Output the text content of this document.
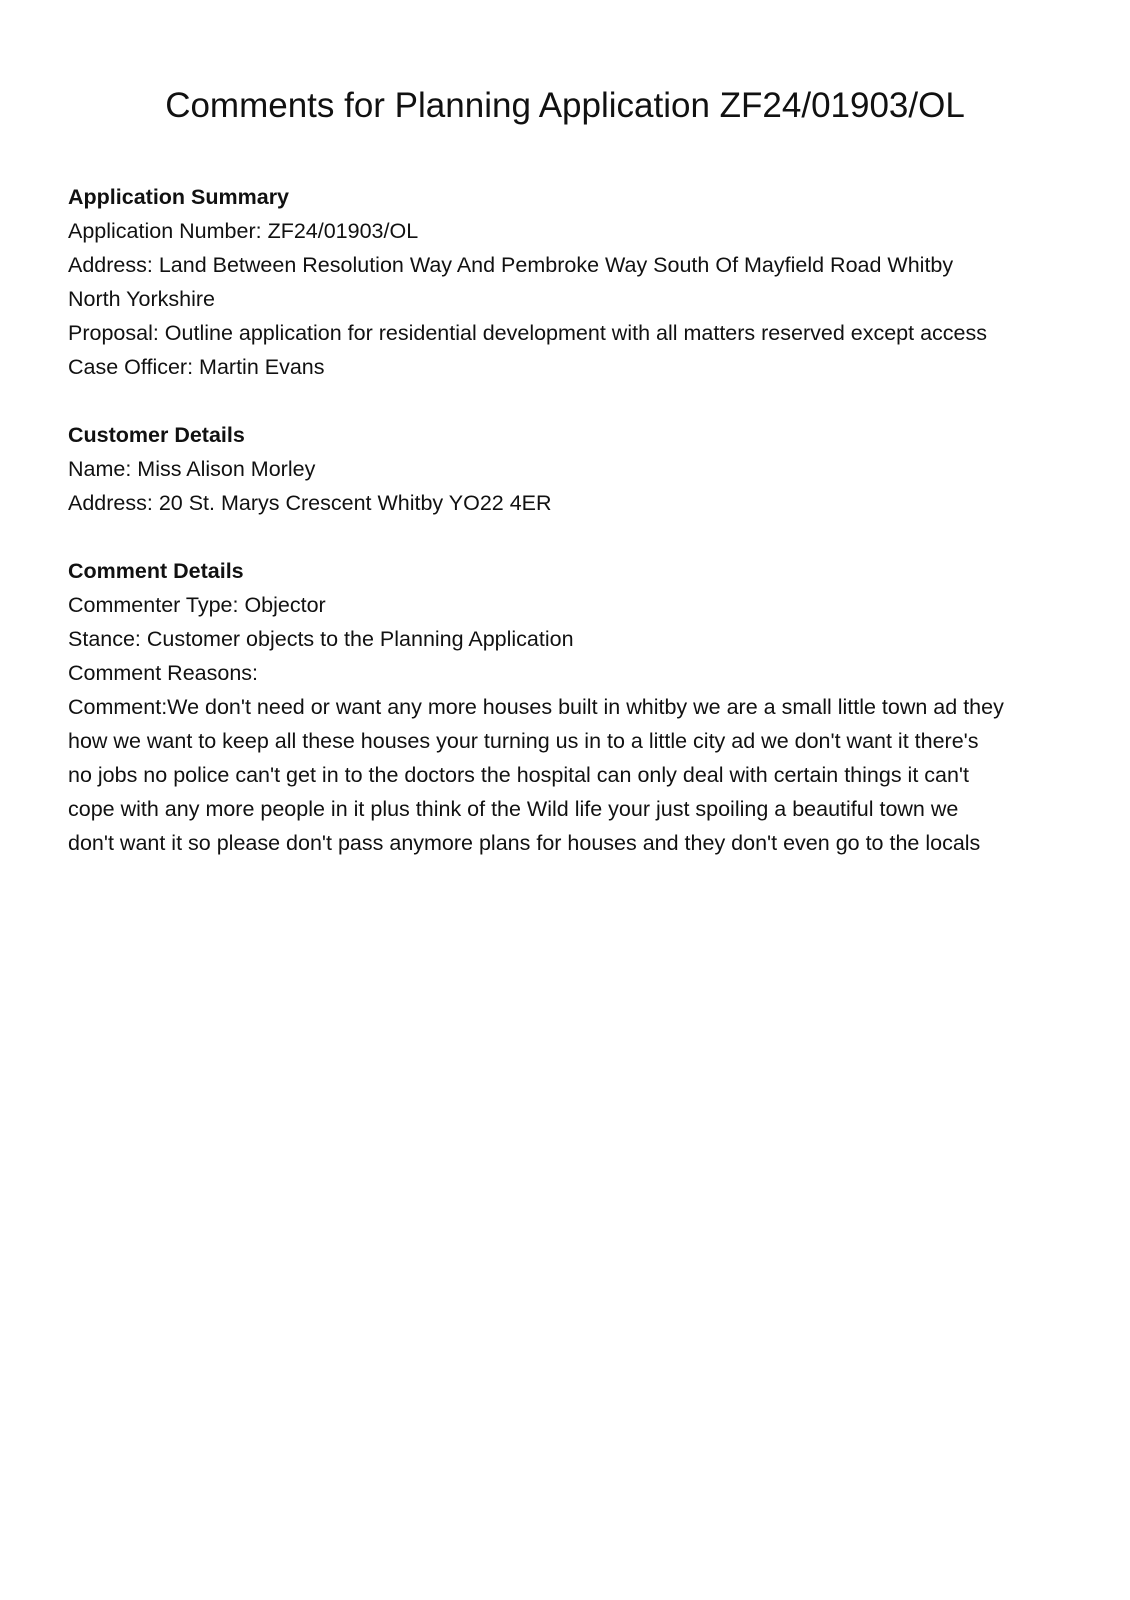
Comments for Planning Application ZF24/01903/OL

Application Summary

Application Number: ZF24/01903/OL

Address: Land Between Resolution Way And Pembroke Way South Of Mayfield Road Whitby

North Yorkshire

Proposal: Outline application for residential development with all matters reserved except access

Case Officer: Martin Evans

Customer Details

Name: Miss Alison Morley

Address: 20 St. Marys Crescent Whitby YO22 4ER

Comment Details

Commenter Type: Objector

Stance: Customer objects to the Planning Application

Comment Reasons:

Comment:We don't need or want any more houses built in whitby we are a small little town ad they

how we want to keep all these houses your turning us in to a little city ad we don't want it there's

no jobs no police can't get in to the doctors the hospital can only deal with certain things it can't

cope with any more people in it plus think of the Wild life your just spoiling a beautiful town we

don't want it so please don't pass anymore plans for houses and they don't even go to the locals
